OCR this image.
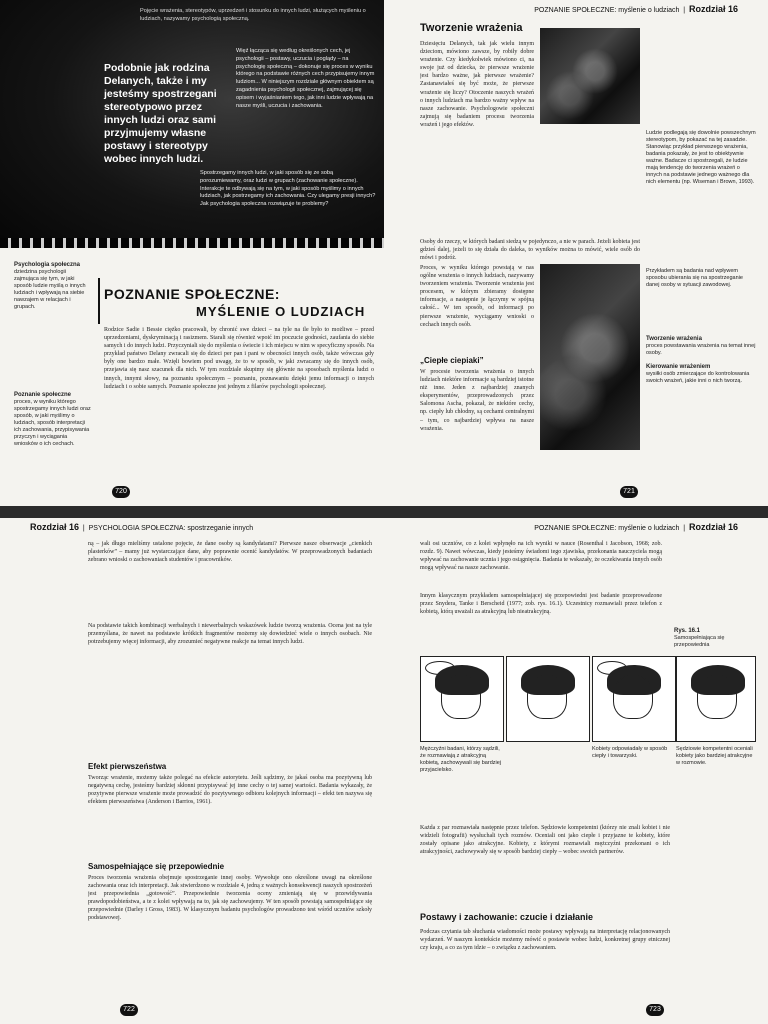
Pojęcie wrażenia, stereotypów, uprzedzeń i stosunku do innych ludzi, służących myśleniu o ludziach, nazywamy psychologią społeczną.
Podobnie jak rodzina Delanych, także i my jesteśmy spostrzegani stereotypowo przez innych ludzi oraz sami przyjmujemy własne postawy i stereotypy wobec innych ludzi.
Więź łącząca się według określonych cech, jej psychologii – postawy, uczucia i poglądy – na psychologię społeczną – dokonuje się proces w wyniku którego na podstawie różnych cech przypisujemy innym ludziom... W niniejszym rozdziale głównym obiektem są zagadnienia psychologii społecznej, zajmującej się opisem i wyjaśnianiem tego, jak inni ludzie wpływają na nasze myśli, uczucia i zachowania.
Spostrzegamy innych ludzi, w jaki sposób się ze sobą porozumiewamy, oraz ludzi w grupach (zachowanie społeczne). Interakcje te odbywają się na tym, w jaki sposób myślimy o innych ludziach, jak postrzegamy ich zachowania. Czy ulegamy presji innych? Jak psychologia społeczna rozwiązuje te problemy?
Psychologia społeczna
dziedzina psychologii zajmująca się tym, w jaki sposób ludzie myślą o innych ludziach i wpływają na siebie nawzajem w relacjach i grupach.
Poznanie społeczne
proces, w wyniku którego spostrzegamy innych ludzi oraz sposób, w jaki myślimy o ludziach, sposób interpretacji ich zachowania, przypisywania przyczyn i wyciągania wniosków o ich cechach.
POZNANIE SPOŁECZNE:
MYŚLENIE O LUDZIACH
Rodzice Sadie i Bessie ciężko pracowali, by chronić swe dzieci – na tyle na ile było to możliwe – przed uprzedzeniami, dyskryminacją i rasizmem. Starali się również wpoić im poczucie godności, zaufania do siebie samych i do innych ludzi. Przyczyniali się do myślenia o świecie i ich miejscu w nim w specyficzny sposób. Na przykład państwo Delany zwracali się do dzieci per pan i pani w obecności innych osób, także wówczas gdy były one bardzo małe. Wzięli bowiem pod uwagę, że to w sposób, w jaki zwracamy się do innych osób, przejawia się nasz szacunek dla nich. W tym rozdziale skupimy się głównie na sposobach myślenia ludzi o innych, innymi słowy, na poznaniu społecznym – poznaniu, poznawaniu dzięki jemu informacji o innych ludziach i o sobie samych. Poznanie społeczne jest jednym z filarów psychologii społecznej.
720
POZNANIE SPOŁECZNE: myślenie o ludziach  |  Rozdział 16
Tworzenie wrażenia
Dziesięciu Delanych, tak jak wielu innym dzieciom, mówiono zawsze, by robiły dobre wrażenie. Czy kiedykolwiek mówiono ci, na swoje już od dziecka, że pierwsze wrażenie jest bardzo ważne, jak pierwsze wrażenie? Zastanawiałeś się być może, że pierwsze wrażenie się liczy? Otoczenie naszych wrażeń o innych ludziach ma bardzo ważny wpływ na nasze zachowanie. Psychologowie społeczni zajmują się badaniem procesu tworzenia wrażeń i jego efektów.
Ludzie podlegają się dowolnie powszechnym stereotypom, by pokazać na tej zasadzie. Stanowiąc przykład pierwszego wrażenia, badania pokazały, że jest to obiektywnie ważne. Badacze ci spostrzegali, że ludzie mają tendencję do tworzenia wrażeń o innych na podstawie jednego ważnego dla nich elementu (np. Wiseman i Brown, 1993).
Osoby do rzeczy, w których badani siedzą w pojedynczo, a nie w parach. Jeżeli kobieta jest gdzieś dalej, jeżeli to się działa do daleka, to wyników można to mówić, wiele osób do mówi i podróż.
Proces, w wyniku którego powstają w nas ogólne wrażenia o innych ludziach, nazywamy tworzeniem wrażenia. Tworzenie wrażenia jest procesem, w którym zbieramy dostępne informacje, a następnie je łączymy w spójną całość... W ten sposób, od informacji po pierwsze wrażenie, wyciągamy wnioski o cechach innych osób.
Przykładem są badania nad wpływem sposobu ubierania się na spostrzeganie danej osoby w sytuacji zawodowej.
„Ciepłe ciepiaki”
W procesie tworzenia wrażenia o innych ludziach niektóre informacje są bardziej istotne niż inne. Jeden z najbardziej znanych eksperymentów, przeprowadzonych przez Salomona Ascha, pokazał, że niektóre cechy, np. ciepły lub chłodny, są cechami centralnymi – tym, co najbardziej wpływa na nasze wrażenia.
Tworzenie wrażenia
proces powstawania wrażenia na temat innej osoby.
Kierowanie wrażeniem
wysiłki osób zmierzające do kontrolowania swoich wrażeń, jakie inni o nich tworzą.
721
Rozdział 16  |  PSYCHOLOGIA SPOŁECZNA: spostrzeganie innych
ną – jak długo mieliśmy ustalone pojęcie, że dane osoby są kandydatami? Pierwsze nasze obserwacje „cienkich plasterków” – mamy już wystarczające dane, aby poprawnie ocenić kandydatów. W przeprowadzonych badaniach zebrano wnioski o zachowaniach studentów i pracowników.
Na podstawie takich kombinacji werbalnych i niewerbalnych wskazówek ludzie tworzą wrażenia. Ocena jest na tyle przemyślana, że nawet na podstawie krótkich fragmentów możemy się dowiedzieć wiele o innych osobach. Nie potrzebujemy więcej informacji, aby zrozumieć negatywne reakcje na temat innych ludzi.
Efekt pierwszeństwa
Tworząc wrażenie, możemy także polegać na efekcie autorytetu. Jeśli sądzimy, że jakaś osoba ma pozytywną lub negatywną cechę, jesteśmy bardziej skłonni przypisywać jej inne cechy o tej samej wartości. Badania wykazały, że pozytywne pierwsze wrażenie może prowadzić do pozytywnego odbioru kolejnych informacji – efekt ten nazywa się efektem pierwszeństwa (Anderson i Barrios, 1961).
Samospełniające się przepowiednie
Proces tworzenia wrażenia obejmuje spostrzeganie innej osoby. Wywołuje ono określone uwagi na określone zachowania oraz ich interpretacji. Jak stwierdzono w rozdziale 4, jedną z ważnych konsekwencji naszych spostrzeżeń jest przepowiednia „gotowość”. Przepowiednie tworzenia oceny zmieniają się w przewidywania prawdopodobieństwa, a te z kolei wpływają na to, jak się zachowujemy. W ten sposób powstają samospełniające się przepowiednie (Darley i Gross, 1983). W klasycznym badaniu psychologów prowadzono test wśród uczniów szkoły podstawowej.
722
POZNANIE SPOŁECZNE: myślenie o ludziach  |  Rozdział 16
wali osi uczniów, co z kolei wpłynęło na ich wyniki w nauce (Rosenthal i Jacobson, 1968; zob. rozdz. 9). Nawet wówczas, kiedy jesteśmy świadomi tego zjawiska, przekonania nauczyciela mogą wpływać na zachowanie ucznia i jego osiągnięcia. Badania te wskazały, że oczekiwania innych osób mogą wpływać na nasze zachowanie.
Innym klasycznym przykładem samospełniającej się przepowiedni jest badanie przeprowadzone przez Snydera, Tanke i Berscheid (1977; zob. rys. 16.1). Uczestnicy rozmawiali przez telefon z kobietą, którą uważali za atrakcyjną lub nieatrakcyjną.
Rys. 16.1
Samospełniająca się przepowiednia
Mężczyźni badani, którzy sądzili, że rozmawiają z atrakcyjną kobietą, zachowywali się bardziej przyjacielsko.
Kobiety odpowiadały w sposób ciepły i towarzyski.
Sędziowie kompetentni oceniali kobiety jako bardziej atrakcyjne w rozmowie.
Każda z par rozmawiała następnie przez telefon. Sędziowie kompetentni (którzy nie znali kobiet i nie widzieli fotografii) wysłuchali tych rozmów. Oceniali oni jako ciepłe i przyjazne te kobiety, które zostały opisane jako atrakcyjne. Kobiety, z którymi rozmawiali mężczyźni przekonani o ich atrakcyjności, zachowywały się w sposób bardziej ciepły – wobec swoich partnerów.
Postawy i zachowanie: czucie i działanie
Podczas czytania tab słuchania wiadomości może postawy wpływają na interpretację relacjonowanych wydarzeń. W naszym kontekście możemy mówić o postawie wobec ludzi, konkretnej grupy etnicznej czy kraju, a co za tym idzie – o związku z zachowaniem.
723
